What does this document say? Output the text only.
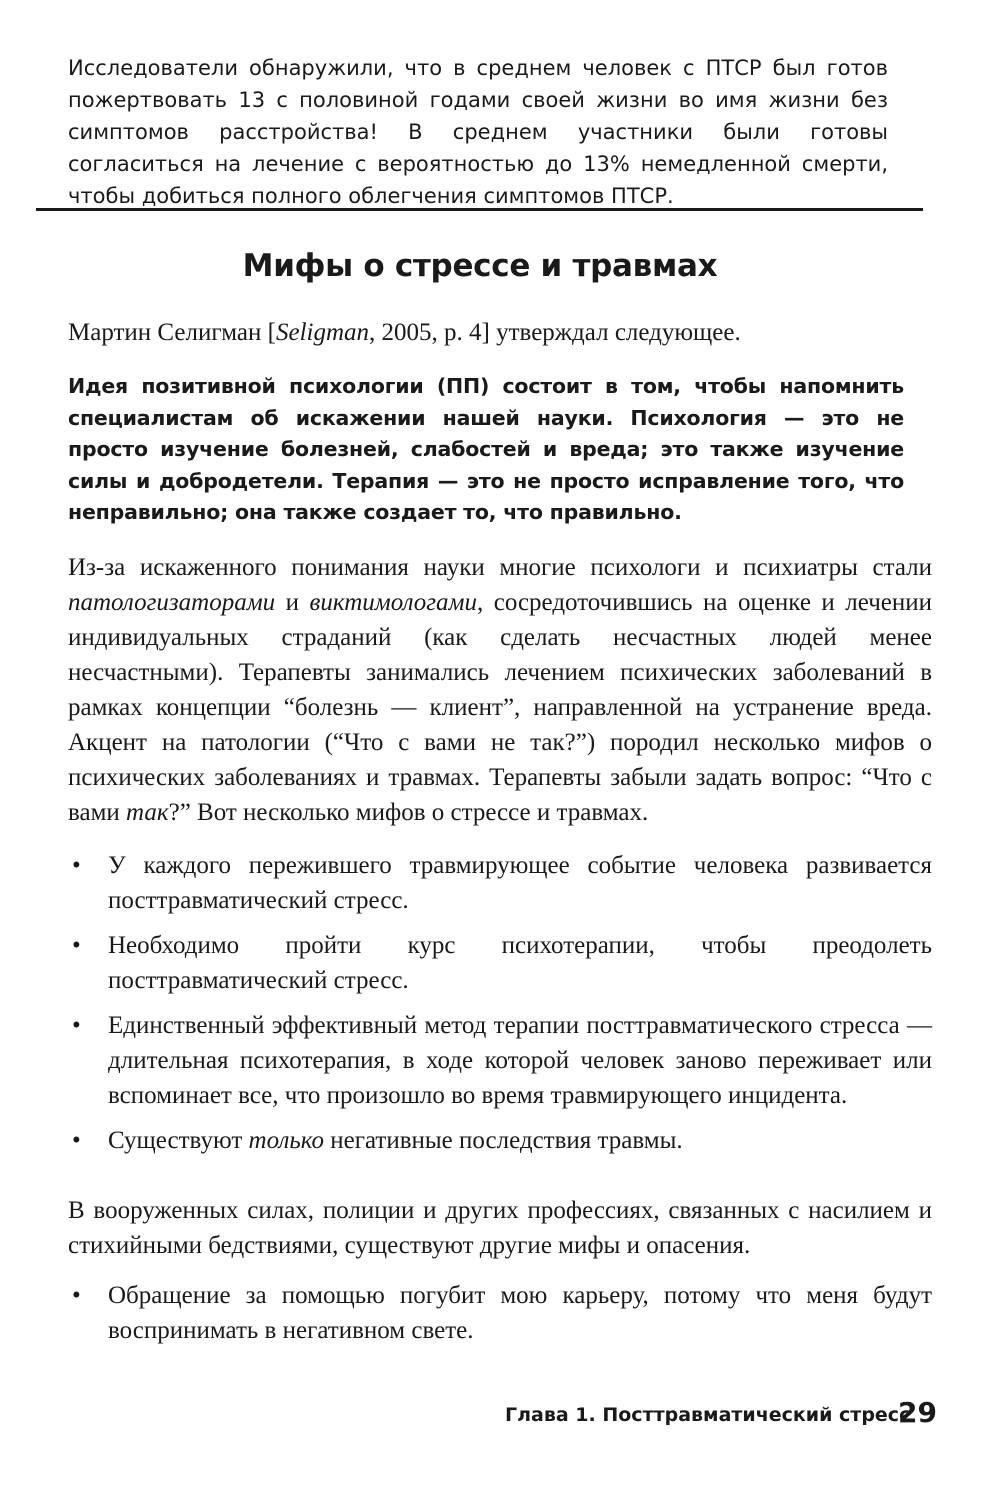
Исследователи обнаружили, что в среднем человек с ПТСР был готов пожертвовать 13 с половиной годами своей жизни во имя жизни без симптомов расстройства! В среднем участники были готовы согласиться на лечение с вероятностью до 13% немедленной смерти, чтобы добиться полного облегчения симптомов ПТСР.

Мифы о стрессе и травмах

Мартин Селигман [Seligman, 2005, p. 4] утверждал следующее.

Идея позитивной психологии (ПП) состоит в том, чтобы напомнить специалистам об искажении нашей науки. Психология — это не просто изучение болезней, слабостей и вреда; это также изучение силы и добродетели. Терапия — это не просто исправление того, что неправильно; она также создает то, что правильно.

Из-за искаженного понимания науки многие психологи и психиатры стали патологизаторами и виктимологами, сосредоточившись на оценке и лечении индивидуальных страданий (как сделать несчастных людей менее несчастными). Терапевты занимались лечением психических заболеваний в рамках концепции “болезнь — клиент”, направленной на устранение вреда. Акцент на патологии (“Что с вами не так?”) породил несколько мифов о психических заболеваниях и травмах. Терапевты забыли задать вопрос: “Что с вами так?” Вот несколько мифов о стрессе и травмах.

• У каждого пережившего травмирующее событие человека развивается посттравматический стресс.
• Необходимо пройти курс психотерапии, чтобы преодолеть посттравматический стресс.
• Единственный эффективный метод терапии посттравматического стресса — длительная психотерапия, в ходе которой человек заново переживает или вспоминает все, что произошло во время травмирующего инцидента.
• Существуют только негативные последствия травмы.

В вооруженных силах, полиции и других профессиях, связанных с насилием и стихийными бедствиями, существуют другие мифы и опасения.

• Обращение за помощью погубит мою карьеру, потому что меня будут воспринимать в негативном свете.

Глава 1. Посттравматический стресс

29
